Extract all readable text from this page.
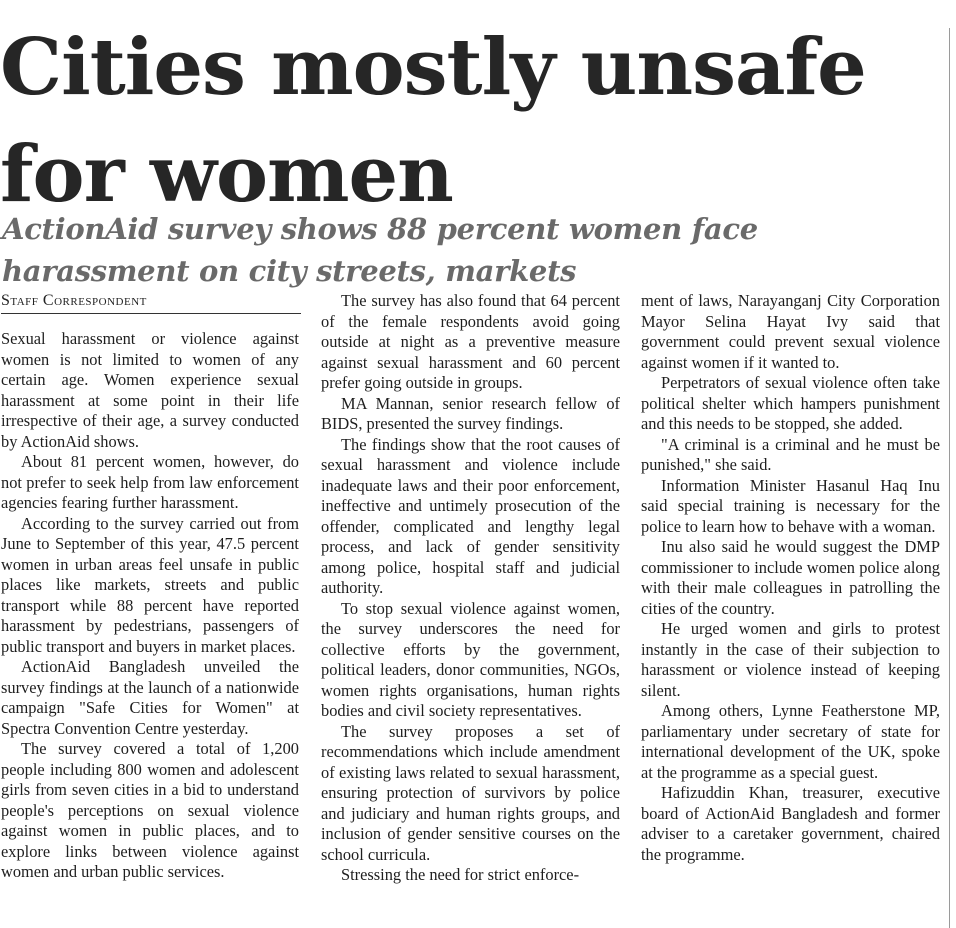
Cities mostly unsafe for women
ActionAid survey shows 88 percent women face harassment on city streets, markets
Staff Correspondent

Sexual harassment or violence against women is not limited to women of any certain age. Women experience sexual harassment at some point in their life irrespective of their age, a survey conducted by ActionAid shows.

About 81 percent women, however, do not prefer to seek help from law enforcement agencies fearing further harassment.

According to the survey carried out from June to September of this year, 47.5 percent women in urban areas feel unsafe in public places like markets, streets and public transport while 88 percent have reported harassment by pedestrians, passengers of public transport and buyers in market places.

ActionAid Bangladesh unveiled the survey findings at the launch of a nationwide campaign "Safe Cities for Women" at Spectra Convention Centre yesterday.

The survey covered a total of 1,200 people including 800 women and adolescent girls from seven cities in a bid to understand people's perceptions on sexual violence against women in public places, and to explore links between violence against women and urban public services.

The survey has also found that 64 percent of the female respondents avoid going outside at night as a preventive measure against sexual harassment and 60 percent prefer going outside in groups.

MA Mannan, senior research fellow of BIDS, presented the survey findings.

The findings show that the root causes of sexual harassment and violence include inadequate laws and their poor enforcement, ineffective and untimely prosecution of the offender, complicated and lengthy legal process, and lack of gender sensitivity among police, hospital staff and judicial authority.

To stop sexual violence against women, the survey underscores the need for collective efforts by the government, political leaders, donor communities, NGOs, women rights organisations, human rights bodies and civil society representatives.

The survey proposes a set of recommendations which include amendment of existing laws related to sexual harassment, ensuring protection of survivors by police and judiciary and human rights groups, and inclusion of gender sensitive courses on the school curricula.

Stressing the need for strict enforce-

ment of laws, Narayanganj City Corporation Mayor Selina Hayat Ivy said that government could prevent sexual violence against women if it wanted to.

Perpetrators of sexual violence often take political shelter which hampers punishment and this needs to be stopped, she added.

"A criminal is a criminal and he must be punished," she said.

Information Minister Hasanul Haq Inu said special training is necessary for the police to learn how to behave with a woman.

Inu also said he would suggest the DMP commissioner to include women police along with their male colleagues in patrolling the cities of the country.

He urged women and girls to protest instantly in the case of their subjection to harassment or violence instead of keeping silent.

Among others, Lynne Featherstone MP, parliamentary under secretary of state for international development of the UK, spoke at the programme as a special guest.

Hafizuddin Khan, treasurer, executive board of ActionAid Bangladesh and former adviser to a caretaker government, chaired the programme.
